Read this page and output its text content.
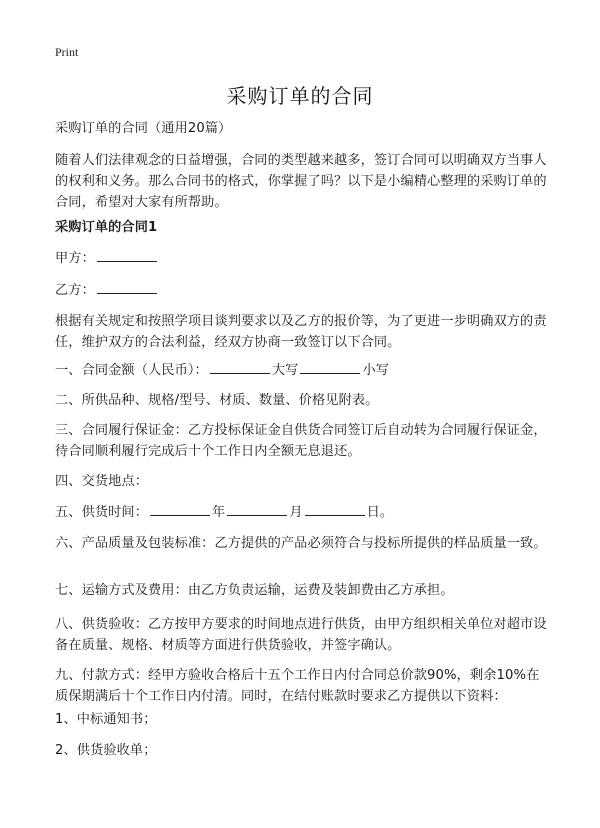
Print
采购订单的合同

采购订单的合同（通用20篇）

随着人们法律观念的日益增强，合同的类型越来越多，签订合同可以明确双方当事人的权利和义务。那么合同书的格式，你掌握了吗？以下是小编精心整理的采购订单的合同，希望对大家有所帮助。

采购订单的合同1

甲方：

乙方：

根据有关规定和按照学项目谈判要求以及乙方的报价等，为了更进一步明确双方的责任，维护双方的合法利益，经双方协商一致签订以下合同。

一、合同金额（人民币）：	大写	小写

二、所供品种、规格/型号、材质、数量、价格见附表。

三、合同履行保证金：乙方投标保证金自供货合同签订后自动转为合同履行保证金，待合同顺利履行完成后十个工作日内全额无息退还。

四、交货地点：

五、供货时间：	年	月	日。

六、产品质量及包装标准：乙方提供的产品必须符合与投标所提供的样品质量一致。

七、运输方式及费用：由乙方负责运输，运费及装卸费由乙方承担。

八、供货验收：乙方按甲方要求的时间地点进行供货，由甲方组织相关单位对超市设备在质量、规格、材质等方面进行供货验收，并签字确认。

九、付款方式：经甲方验收合格后十五个工作日内付合同总价款90%，剩余10%在质保期满后十个工作日内付清。同时，在结付账款时要求乙方提供以下资料：

1、中标通知书；

2、供货验收单；
